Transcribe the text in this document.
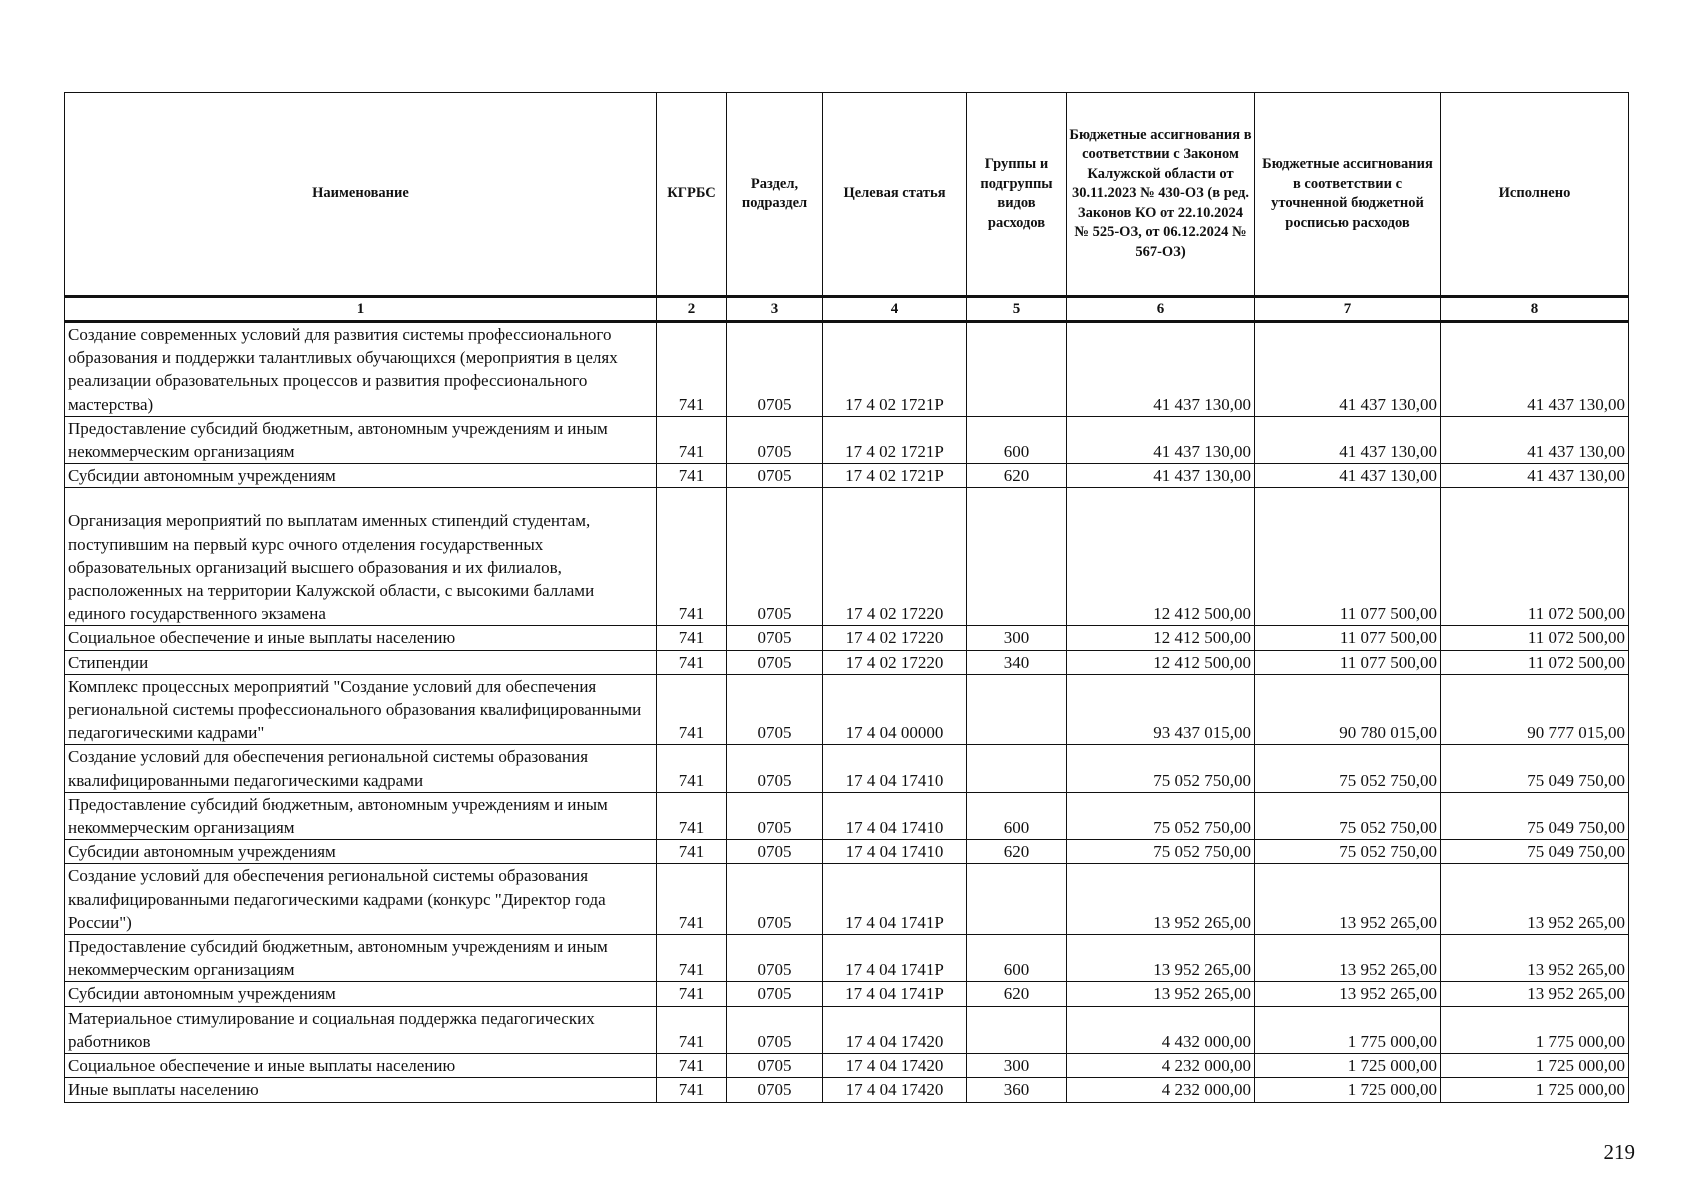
Наименование	КГРБС	Раздел, подраздел	Целевая статья	Группы и подгруппы видов расходов	Бюджетные ассигнования в соответствии с Законом Калужской области от 30.11.2023 № 430-ОЗ (в ред. Законов КО от 22.10.2024 № 525-ОЗ, от 06.12.2024 № 567-ОЗ)	Бюджетные ассигнования в соответствии с уточненной бюджетной росписью расходов	Исполнено
1	2	3	4	5	6	7	8
Создание современных условий для развития системы профессионального образования и поддержки талантливых обучающихся (мероприятия в целях реализации образовательных процессов и развития профессионального мастерства)	741	0705	17 4 02 1721Р		41 437 130,00	41 437 130,00	41 437 130,00
Предоставление субсидий бюджетным, автономным учреждениям и иным некоммерческим организациям	741	0705	17 4 02 1721Р	600	41 437 130,00	41 437 130,00	41 437 130,00
Субсидии автономным учреждениям	741	0705	17 4 02 1721Р	620	41 437 130,00	41 437 130,00	41 437 130,00
Организация мероприятий по выплатам именных стипендий студентам, поступившим на первый курс очного отделения государственных образовательных организаций высшего образования и их филиалов, расположенных на территории Калужской области, с высокими баллами единого государственного экзамена	741	0705	17 4 02 17220		12 412 500,00	11 077 500,00	11 072 500,00
Социальное обеспечение и иные выплаты населению	741	0705	17 4 02 17220	300	12 412 500,00	11 077 500,00	11 072 500,00
Стипендии	741	0705	17 4 02 17220	340	12 412 500,00	11 077 500,00	11 072 500,00
Комплекс процессных мероприятий "Создание условий для обеспечения региональной системы профессионального образования квалифицированными педагогическими кадрами"	741	0705	17 4 04 00000		93 437 015,00	90 780 015,00	90 777 015,00
Создание условий для обеспечения региональной системы образования квалифицированными педагогическими кадрами	741	0705	17 4 04 17410		75 052 750,00	75 052 750,00	75 049 750,00
Предоставление субсидий бюджетным, автономным учреждениям и иным некоммерческим организациям	741	0705	17 4 04 17410	600	75 052 750,00	75 052 750,00	75 049 750,00
Субсидии автономным учреждениям	741	0705	17 4 04 17410	620	75 052 750,00	75 052 750,00	75 049 750,00
Создание условий для обеспечения региональной системы образования квалифицированными педагогическими кадрами (конкурс "Директор года России")	741	0705	17 4 04 1741Р		13 952 265,00	13 952 265,00	13 952 265,00
Предоставление субсидий бюджетным, автономным учреждениям и иным некоммерческим организациям	741	0705	17 4 04 1741Р	600	13 952 265,00	13 952 265,00	13 952 265,00
Субсидии автономным учреждениям	741	0705	17 4 04 1741Р	620	13 952 265,00	13 952 265,00	13 952 265,00
Материальное стимулирование и социальная поддержка педагогических работников	741	0705	17 4 04 17420		4 432 000,00	1 775 000,00	1 775 000,00
Социальное обеспечение и иные выплаты населению	741	0705	17 4 04 17420	300	4 232 000,00	1 725 000,00	1 725 000,00
Иные выплаты населению	741	0705	17 4 04 17420	360	4 232 000,00	1 725 000,00	1 725 000,00
219
